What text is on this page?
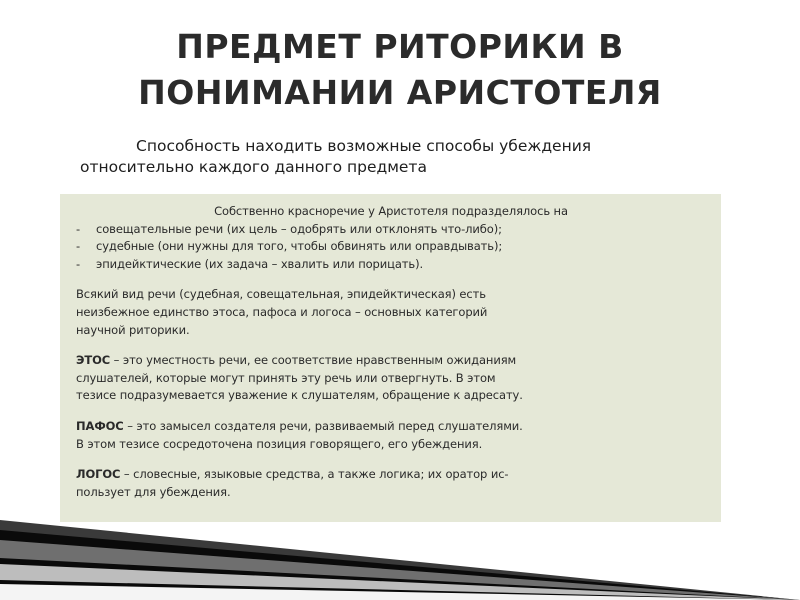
ПРЕДМЕТ РИТОРИКИ В
ПОНИМАНИИ АРИСТОТЕЛЯ
Способность находить возможные способы убеждения
относительно каждого данного предмета
Собственно красноречие у Аристотеля подразделялось на
-	совещательные речи (их цель – одобрять или отклонять что-либо);
-	судебные (они нужны для того, чтобы обвинять или оправдывать);
-	эпидейктические (их задача – хвалить или порицать).
Всякий вид речи (судебная, совещательная, эпидейктическая) есть
неизбежное единство этоса, пафоса и логоса – основных категорий
научной риторики.
ЭТОС – это уместность речи, ее соответствие нравственным ожиданиям
слушателей, которые могут принять эту речь или отвергнуть. В этом
тезисе подразумевается уважение к слушателям, обращение к адресату.
ПАФОС – это замысел создателя речи, развиваемый перед слушателями.
В этом тезисе сосредоточена позиция говорящего, его убеждения.
ЛОГОС – словесные, языковые средства, а также логика; их оратор ис-
пользует для убеждения.
